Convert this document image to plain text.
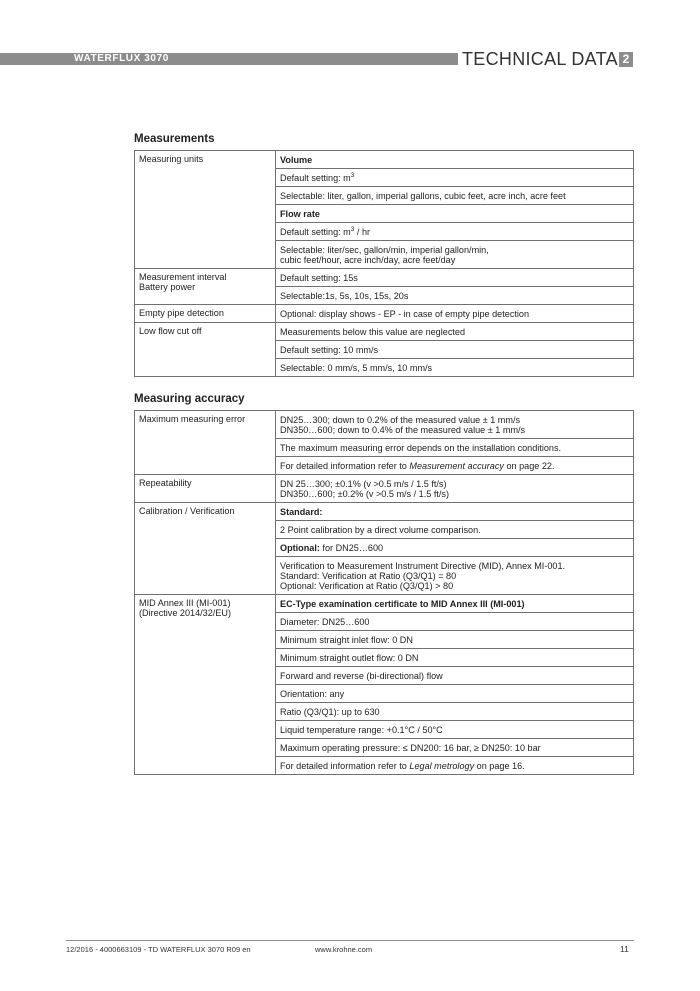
WATERFLUX 3070	TECHNICAL DATA 2
Measurements
Measuring units	Volume
	Default setting: $m^3$
	Selectable: liter, gallon, imperial gallons, cubic feet, acre inch, acre feet
	Flow rate
	Default setting: $m^3$ / hr
	Selectable: liter/sec, gallon/min, imperial gallon/min,
cubic feet/hour, acre inch/day, acre feet/day
Measurement interval
Battery power	Default setting: 15s
	Selectable:1s, 5s, 10s, 15s, 20s
Empty pipe detection	Optional: display shows - EP - in case of empty pipe detection
Low flow cut off	Measurements below this value are neglected
	Default setting: 10 mm/s
	Selectable: 0 mm/s, 5 mm/s, 10 mm/s
Measuring accuracy
Maximum measuring error	DN25…300; down to 0.2% of the measured value ± 1 mm/s
DN350…600; down to 0.4% of the measured value ± 1 mm/s
	The maximum measuring error depends on the installation conditions.
	For detailed information refer to Measurement accuracy on page 22.
Repeatability	DN 25…300; ±0.1% (v >0.5 m/s / 1.5 ft/s)
DN350…600; ±0.2% (v >0.5 m/s / 1.5 ft/s)
Calibration / Verification	Standard:
	2 Point calibration by a direct volume comparison.
	Optional: for DN25…600
	Verification to Measurement Instrument Directive (MID), Annex MI-001.
Standard: Verification at Ratio (Q3/Q1) = 80
Optional: Verification at Ratio (Q3/Q1) > 80
MID Annex III (MI-001)
(Directive 2014/32/EU)	EC-Type examination certificate to MID Annex III (MI-001)
	Diameter: DN25…600
	Minimum straight inlet flow: 0 DN
	Minimum straight outlet flow: 0 DN
	Forward and reverse (bi-directional) flow
	Orientation: any
	Ratio (Q3/Q1): up to 630
	Liquid temperature range: +0.1°C / 50°C
	Maximum operating pressure: ≤ DN200: 16 bar, ≥ DN250: 10 bar
	For detailed information refer to Legal metrology on page 16.
12/2016 - 4000663109 - TD WATERFLUX 3070 R09 en	www.krohne.com	11
